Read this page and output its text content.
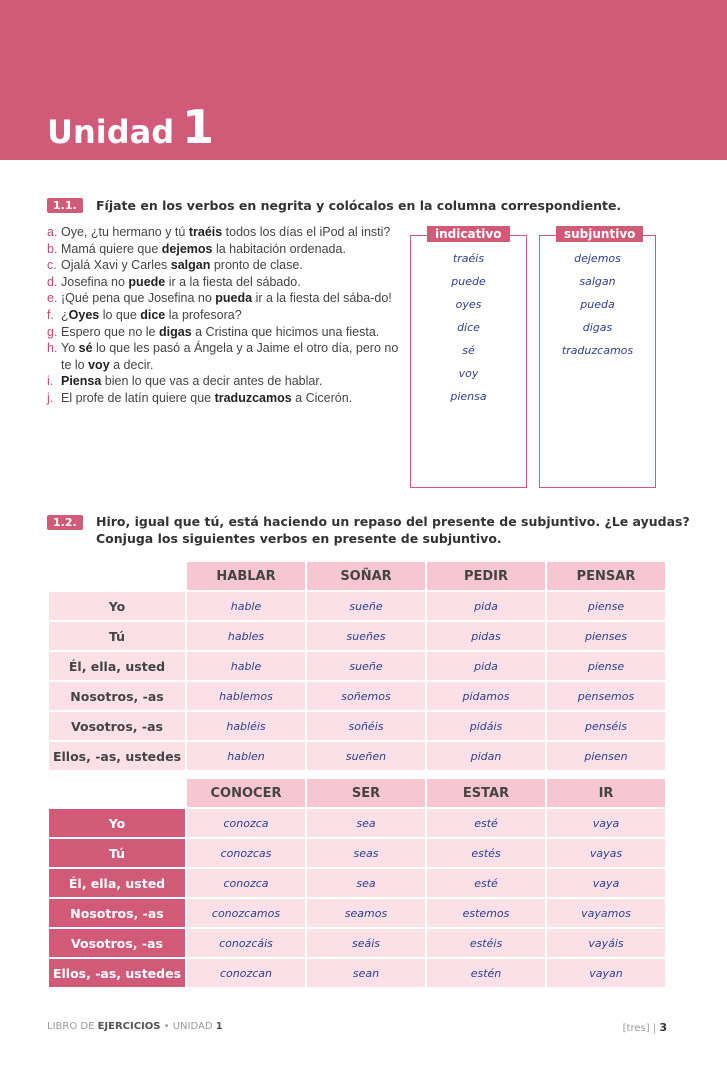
Unidad 1
1.1.	Fíjate en los verbos en negrita y colócalos en la columna correspondiente.
a. Oye, ¿tu hermano y tú traéis todos los días el iPod al insti?
b. Mamá quiere que dejemos la habitación ordenada.
c. Ojalá Xavi y Carles salgan pronto de clase.
d. Josefina no puede ir a la fiesta del sábado.
e. ¡Qué pena que Josefina no pueda ir a la fiesta del sába-do!
f. ¿Oyes lo que dice la profesora?
g. Espero que no le digas a Cristina que hicimos una fiesta.
h. Yo sé lo que les pasó a Ángela y a Jaime el otro día, pero no te lo voy a decir.
i. Piensa bien lo que vas a decir antes de hablar.
j. El profe de latín quiere que traduzcamos a Cicerón.
indicativo
traéis
puede
oyes
dice
sé
voy
piensa
subjuntivo
dejemos
salgan
pueda
digas
traduzcamos
1.2.	Hiro, igual que tú, está haciendo un repaso del presente de subjuntivo. ¿Le ayudas?
Conjuga los siguientes verbos en presente de subjuntivo.
	HABLAR	SOÑAR	PEDIR	PENSAR
Yo	hable	sueñe	pida	piense
Tú	hables	sueñes	pidas	pienses
Él, ella, usted	hable	sueñe	pida	piense
Nosotros, -as	hablemos	soñemos	pidamos	pensemos
Vosotros, -as	habléis	soñéis	pidáis	penséis
Ellos, -as, ustedes	hablen	sueñen	pidan	piensen
	CONOCER	SER	ESTAR	IR
Yo	conozca	sea	esté	vaya
Tú	conozcas	seas	estés	vayas
Él, ella, usted	conozca	sea	esté	vaya
Nosotros, -as	conozcamos	seamos	estemos	vayamos
Vosotros, -as	conozcáis	seáis	estéis	vayáis
Ellos, -as, ustedes	conozcan	sean	estén	vayan
LIBRO DE EJERCICIOS • UNIDAD 1	[tres] | 3
